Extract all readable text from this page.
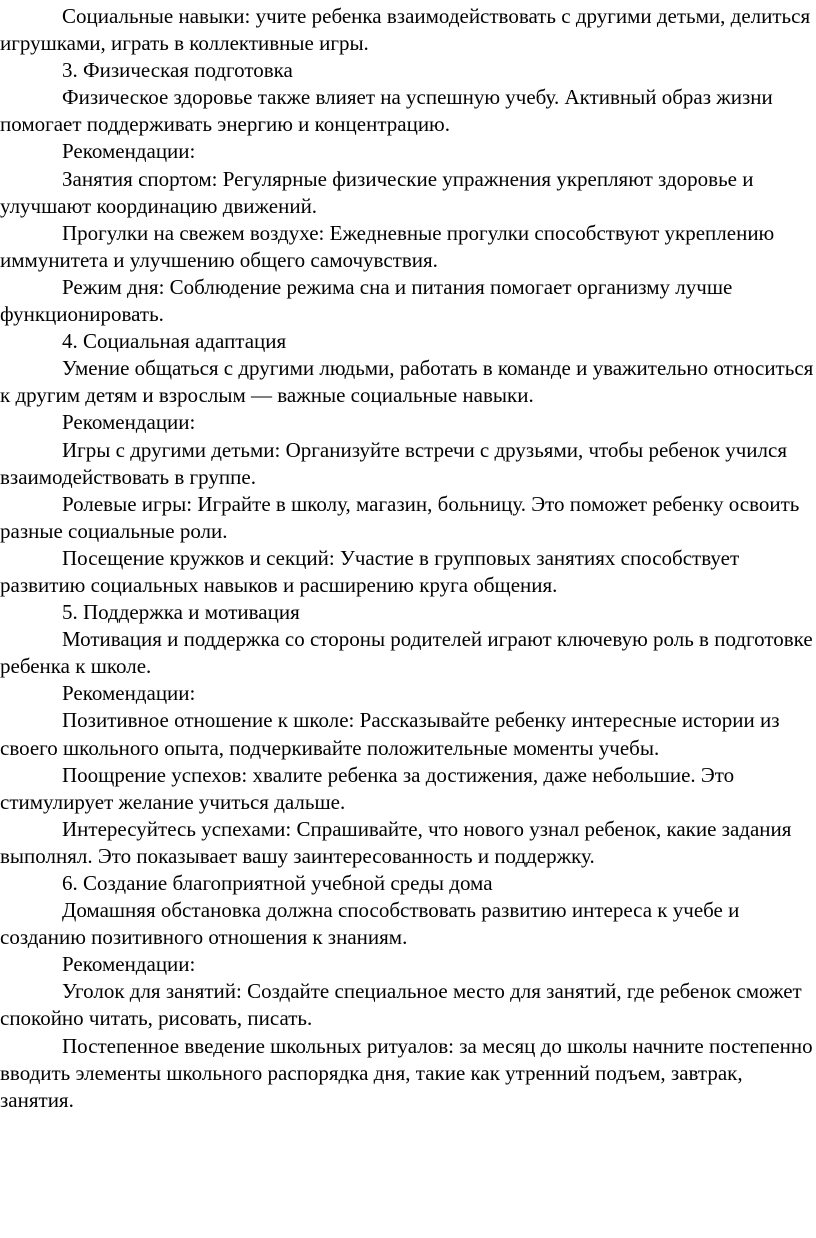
Социальные навыки: учите ребенка взаимодействовать с другими детьми, делиться игрушками, играть в коллективные игры.

3. Физическая подготовка

Физическое здоровье также влияет на успешную учебу. Активный образ жизни помогает поддерживать энергию и концентрацию.

Рекомендации:

Занятия спортом: Регулярные физические упражнения укрепляют здоровье и улучшают координацию движений.

Прогулки на свежем воздухе: Ежедневные прогулки способствуют укреплению иммунитета и улучшению общего самочувствия.

Режим дня: Соблюдение режима сна и питания помогает организму лучше функционировать.

4. Социальная адаптация

Умение общаться с другими людьми, работать в команде и уважительно относиться к другим детям и взрослым — важные социальные навыки.

Рекомендации:

Игры с другими детьми: Организуйте встречи с друзьями, чтобы ребенок учился взаимодействовать в группе.

Ролевые игры: Играйте в школу, магазин, больницу. Это поможет ребенку освоить разные социальные роли.

Посещение кружков и секций: Участие в групповых занятиях способствует развитию социальных навыков и расширению круга общения.

5. Поддержка и мотивация

Мотивация и поддержка со стороны родителей играют ключевую роль в подготовке ребенка к школе.

Рекомендации:

Позитивное отношение к школе: Рассказывайте ребенку интересные истории из своего школьного опыта, подчеркивайте положительные моменты учебы.

Поощрение успехов: хвалите ребенка за достижения, даже небольшие. Это стимулирует желание учиться дальше.

Интересуйтесь успехами: Спрашивайте, что нового узнал ребенок, какие задания выполнял. Это показывает вашу заинтересованность и поддержку.

6. Создание благоприятной учебной среды дома

Домашняя обстановка должна способствовать развитию интереса к учебе и созданию позитивного отношения к знаниям.

Рекомендации:

Уголок для занятий: Создайте специальное место для занятий, где ребенок сможет спокойно читать, рисовать, писать.

Постепенное введение школьных ритуалов: за месяц до школы начните постепенно вводить элементы школьного распорядка дня, такие как утренний подъем, завтрак, занятия.
